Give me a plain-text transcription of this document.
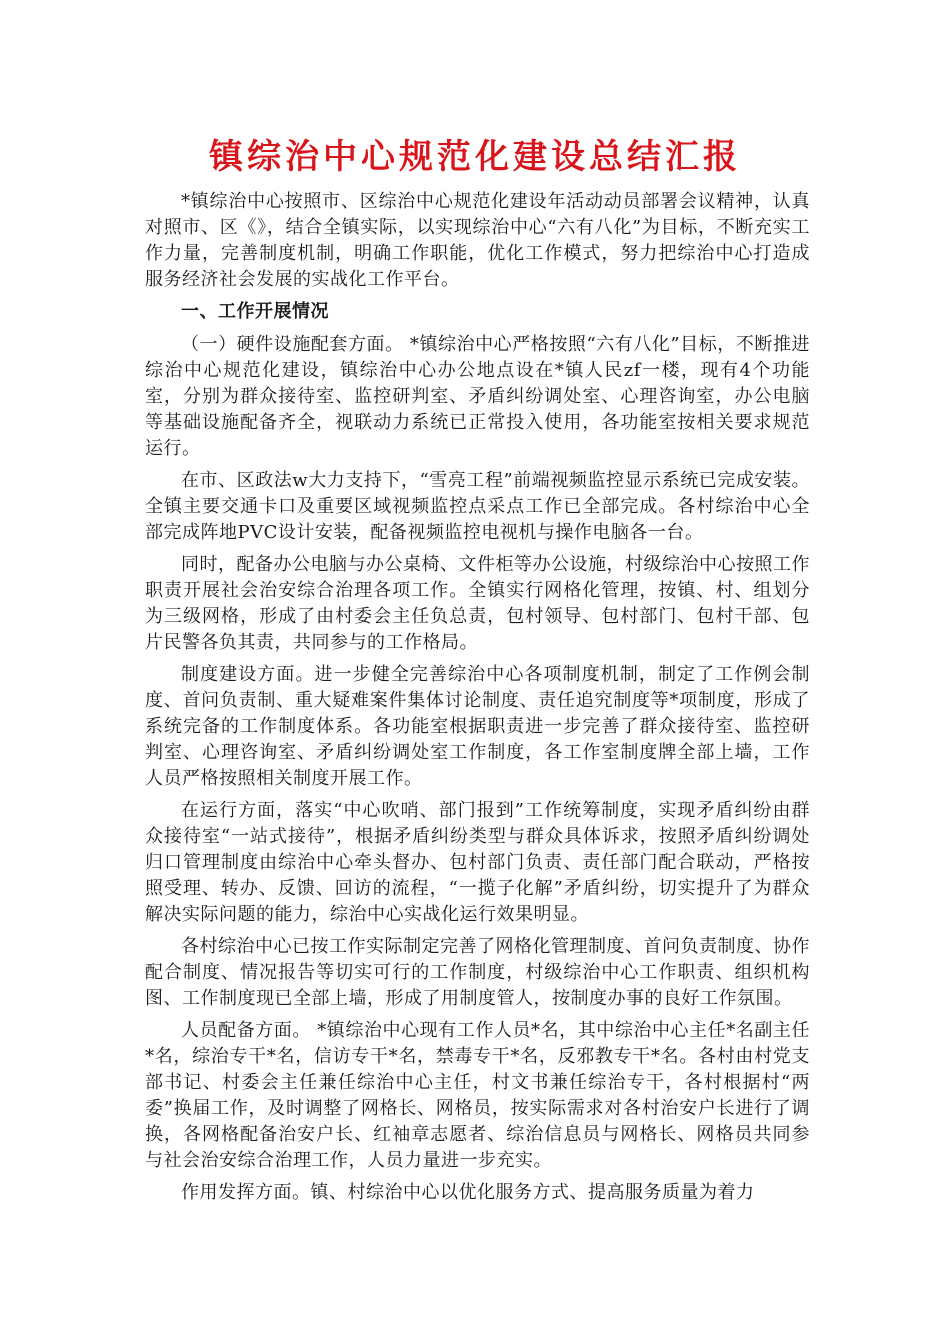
镇综治中心规范化建设总结汇报

*镇综治中心按照市、区综治中心规范化建设年活动动员部署会议精神，认真对照市、区《》，结合全镇实际，以实现综治中心“六有八化”为目标，不断充实工作力量，完善制度机制，明确工作职能，优化工作模式，努力把综治中心打造成服务经济社会发展的实战化工作平台。

一、工作开展情况

（一）硬件设施配套方面。 *镇综治中心严格按照“六有八化”目标，不断推进综治中心规范化建设，镇综治中心办公地点设在*镇人民zf一楼，现有4个功能室，分别为群众接待室、监控研判室、矛盾纠纷调处室、心理咨询室，办公电脑等基础设施配备齐全，视联动力系统已正常投入使用，各功能室按相关要求规范运行。

在市、区政法w大力支持下，“雪亮工程”前端视频监控显示系统已完成安装。全镇主要交通卡口及重要区域视频监控点采点工作已全部完成。各村综治中心全部完成阵地PVC设计安装，配备视频监控电视机与操作电脑各一台。

同时，配备办公电脑与办公桌椅、文件柜等办公设施，村级综治中心按照工作职责开展社会治安综合治理各项工作。全镇实行网格化管理，按镇、村、组划分为三级网格，形成了由村委会主任负总责，包村领导、包村部门、包村干部、包片民警各负其责，共同参与的工作格局。

制度建设方面。进一步健全完善综治中心各项制度机制，制定了工作例会制度、首问负责制、重大疑难案件集体讨论制度、责任追究制度等*项制度，形成了系统完备的工作制度体系。各功能室根据职责进一步完善了群众接待室、监控研判室、心理咨询室、矛盾纠纷调处室工作制度，各工作室制度牌全部上墙，工作人员严格按照相关制度开展工作。

在运行方面，落实“中心吹哨、部门报到”工作统筹制度，实现矛盾纠纷由群众接待室“一站式接待”，根据矛盾纠纷类型与群众具体诉求，按照矛盾纠纷调处归口管理制度由综治中心牵头督办、包村部门负责、责任部门配合联动，严格按照受理、转办、反馈、回访的流程，“一揽子化解”矛盾纠纷，切实提升了为群众解决实际问题的能力，综治中心实战化运行效果明显。

各村综治中心已按工作实际制定完善了网格化管理制度、首问负责制度、协作配合制度、情况报告等切实可行的工作制度，村级综治中心工作职责、组织机构图、工作制度现已全部上墙，形成了用制度管人，按制度办事的良好工作氛围。

人员配备方面。 *镇综治中心现有工作人员*名，其中综治中心主任*名副主任*名，综治专干*名，信访专干*名，禁毒专干*名，反邪教专干*名。各村由村党支部书记、村委会主任兼任综治中心主任，村文书兼任综治专干，各村根据村“两委”换届工作，及时调整了网格长、网格员，按实际需求对各村治安户长进行了调换，各网格配备治安户长、红袖章志愿者、综治信息员与网格长、网格员共同参与社会治安综合治理工作，人员力量进一步充实。

作用发挥方面。镇、村综治中心以优化服务方式、提高服务质量为着力
